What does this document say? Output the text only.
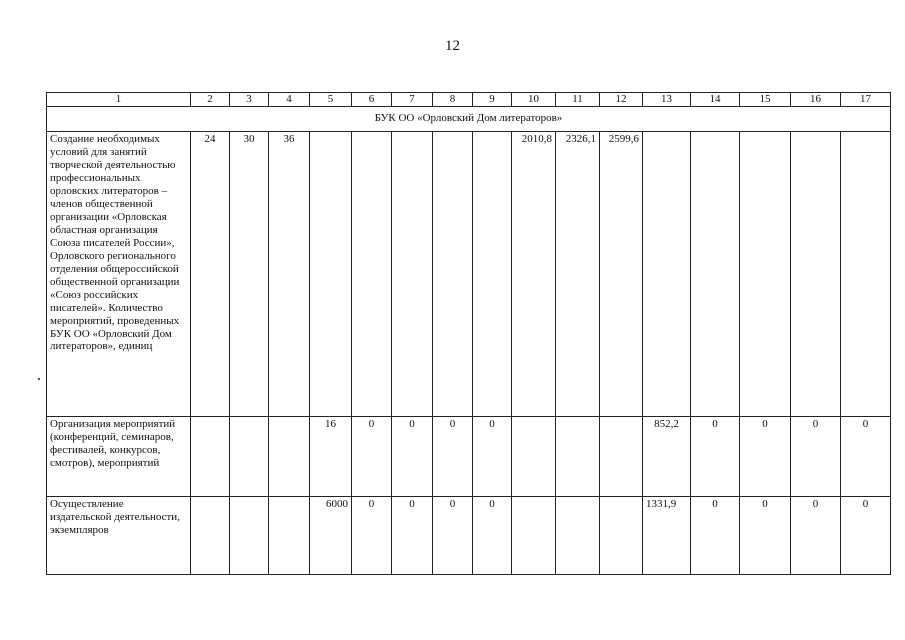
12
1	2	3	4	5	6	7	8	9	10	11	12	13	14	15	16	17
БУК ОО «Орловский Дом литераторов»																
Создание необходимых условий для занятий творческой деятельностью профессиональных орловских литераторов – членов общественной организации «Орловская областная организация Союза писателей России», Орловского регионального отделения общероссийской общественной организации «Союз российских писателей». Количество мероприятий, проведенных БУК ОО «Орловский Дом литераторов», единиц	24	30	36						2010,8	2326,1	2599,6					
Организация мероприятий (конференций, семинаров, фестивалей, конкурсов, смотров), мероприятий				16	0	0	0	0				852,2	0	0	0	0
Осуществление издательской деятельности, экземпляров				6000	0	0	0	0				1331,9	0	0	0	0
